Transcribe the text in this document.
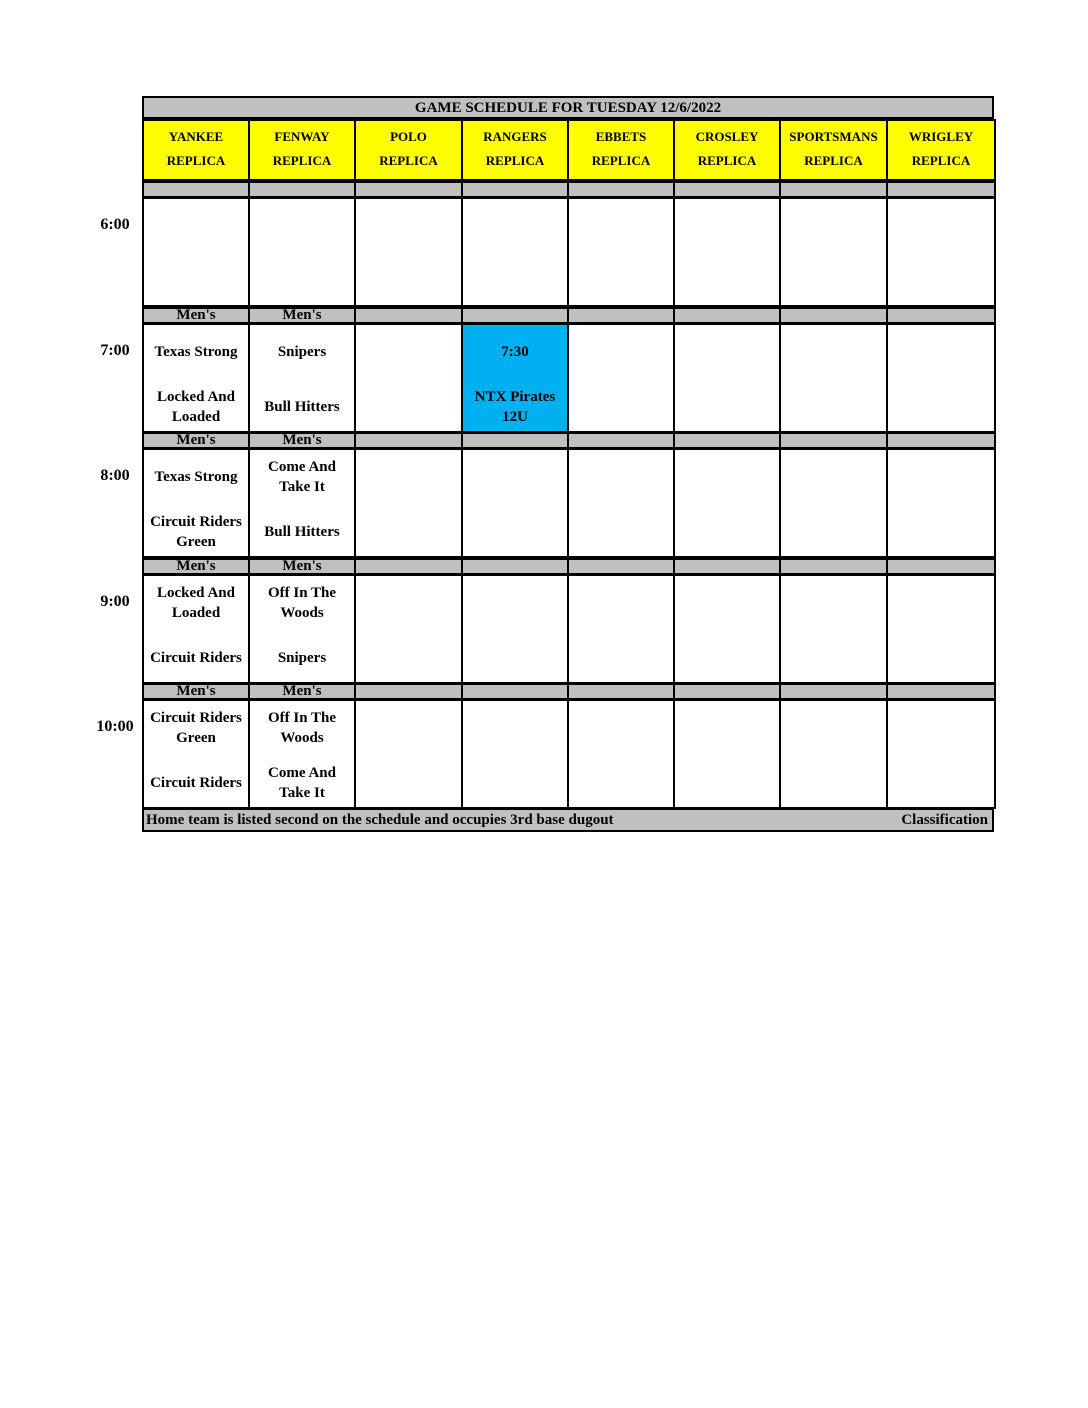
GAME SCHEDULE FOR TUESDAY 12/6/2022
YANKEE
REPLICA
FENWAY
REPLICA
POLO
REPLICA
RANGERS
REPLICA
EBBETS
REPLICA
CROSLEY
REPLICA
SPORTSMANS
REPLICA
WRIGLEY
REPLICA
6:00
7:00
8:00
9:00
10:00
Men's
Texas Strong
Locked And
Loaded
Men's
Snipers
Bull Hitters
7:30
NTX Pirates
12U
Men's
Texas Strong
Circuit Riders
Green
Men's
Come And
Take It
Bull Hitters
Men's
Locked And
Loaded
Circuit Riders
Men's
Off In The
Woods
Snipers
Men's
Circuit Riders
Green
Circuit Riders
Men's
Off In The
Woods
Come And
Take It
Home team is listed second on the schedule and occupies 3rd base dugout	Classification
